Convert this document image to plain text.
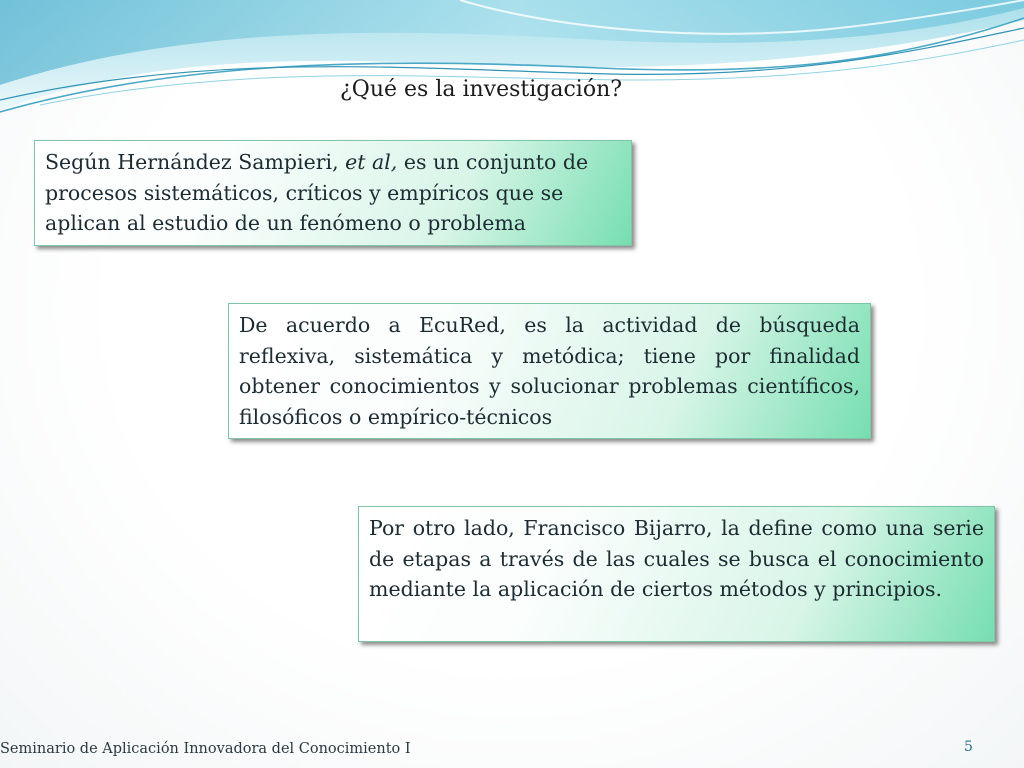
¿Qué es la investigación?

Según Hernández Sampieri, et al, es un conjunto de procesos sistemáticos, críticos y empíricos que se aplican al estudio de un fenómeno o problema

De acuerdo a EcuRed, es la actividad de búsqueda reflexiva, sistemática y metódica; tiene por finalidad obtener conocimientos y solucionar problemas científicos, filosóficos o empírico-técnicos

Por otro lado, Francisco Bijarro, la define como una serie de etapas a través de las cuales se busca el conocimiento mediante la aplicación de ciertos métodos y principios.

Seminario de Aplicación Innovadora del Conocimiento I	5
